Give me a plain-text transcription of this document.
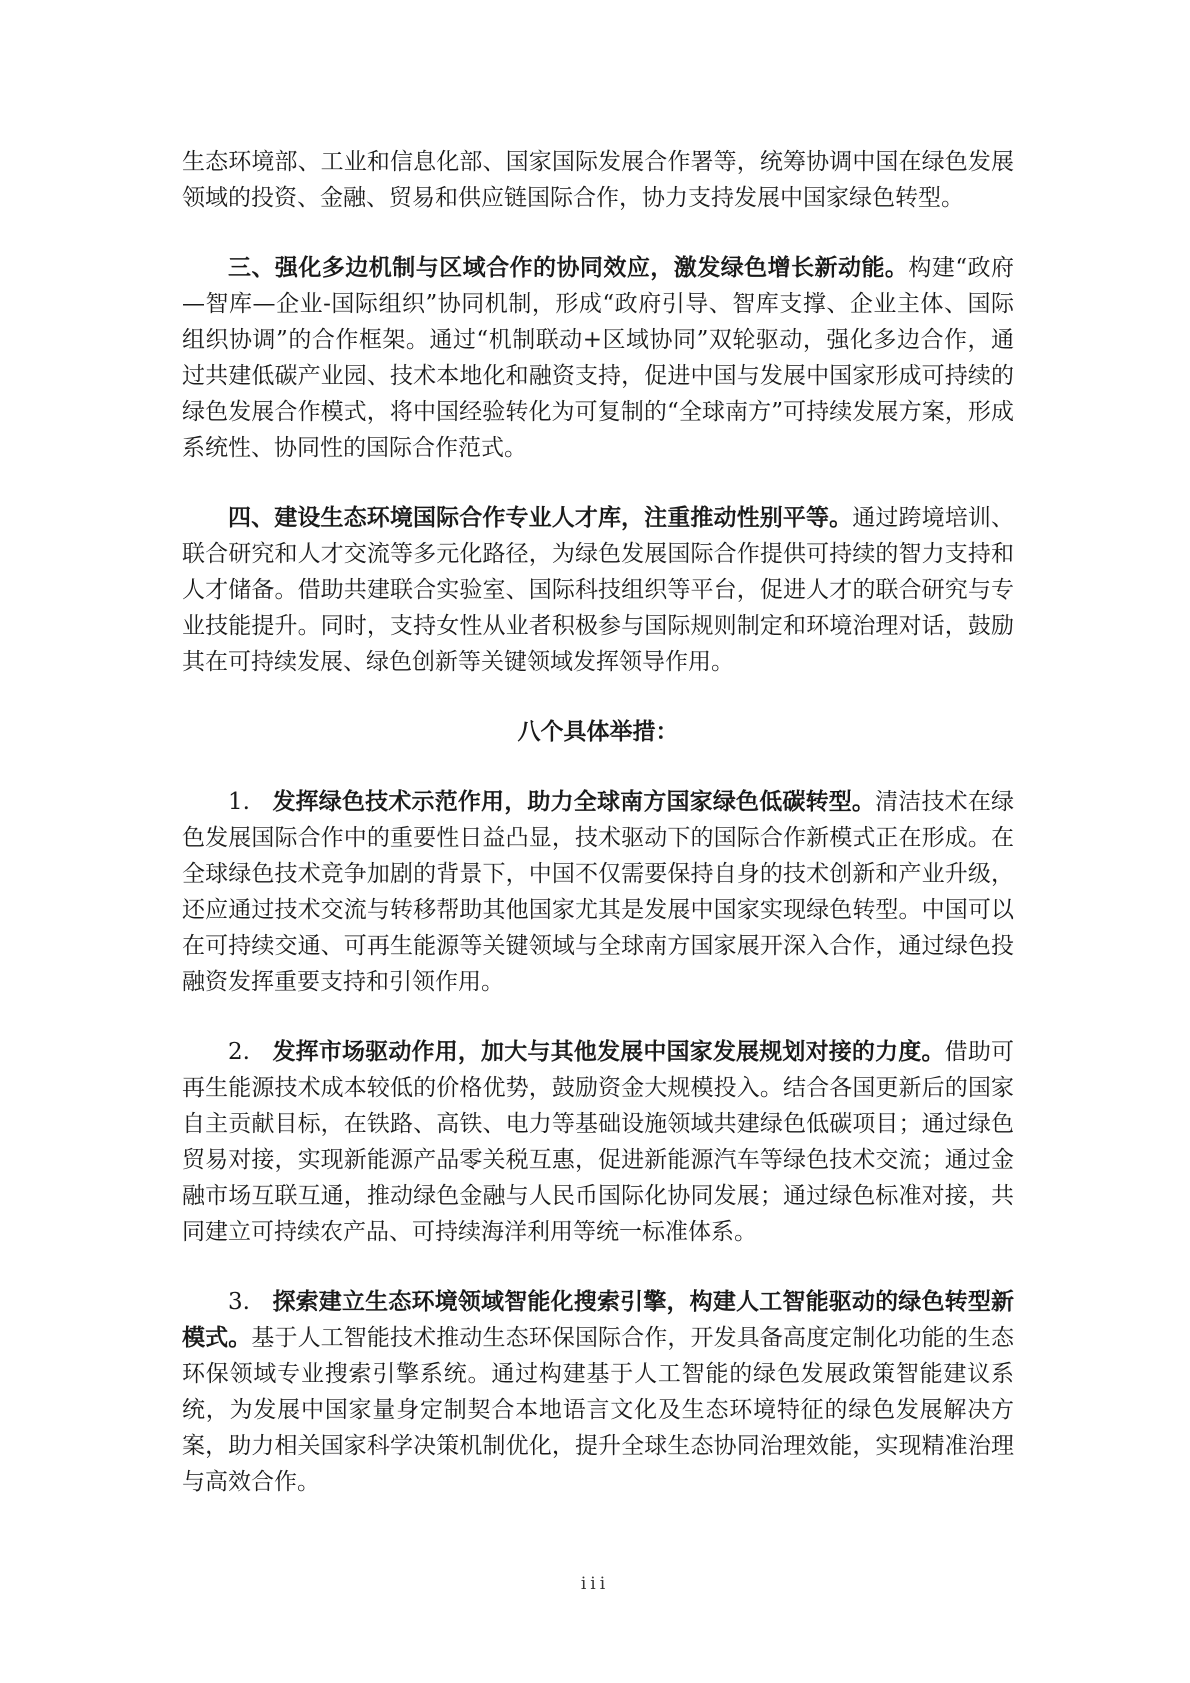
生态环境部、工业和信息化部、国家国际发展合作署等，统筹协调中国在绿色发展领域的投资、金融、贸易和供应链国际合作，协力支持发展中国家绿色转型。

三、强化多边机制与区域合作的协同效应，激发绿色增长新动能。构建“政府—智库—企业-国际组织”协同机制，形成“政府引导、智库支撑、企业主体、国际组织协调”的合作框架。通过“机制联动+区域协同”双轮驱动，强化多边合作，通过共建低碳产业园、技术本地化和融资支持，促进中国与发展中国家形成可持续的绿色发展合作模式，将中国经验转化为可复制的“全球南方”可持续发展方案，形成系统性、协同性的国际合作范式。

四、建设生态环境国际合作专业人才库，注重推动性别平等。通过跨境培训、联合研究和人才交流等多元化路径，为绿色发展国际合作提供可持续的智力支持和人才储备。借助共建联合实验室、国际科技组织等平台，促进人才的联合研究与专业技能提升。同时，支持女性从业者积极参与国际规则制定和环境治理对话，鼓励其在可持续发展、绿色创新等关键领域发挥领导作用。

八个具体举措：

1. 发挥绿色技术示范作用，助力全球南方国家绿色低碳转型。清洁技术在绿色发展国际合作中的重要性日益凸显，技术驱动下的国际合作新模式正在形成。在全球绿色技术竞争加剧的背景下，中国不仅需要保持自身的技术创新和产业升级，还应通过技术交流与转移帮助其他国家尤其是发展中国家实现绿色转型。中国可以在可持续交通、可再生能源等关键领域与全球南方国家展开深入合作，通过绿色投融资发挥重要支持和引领作用。

2. 发挥市场驱动作用，加大与其他发展中国家发展规划对接的力度。借助可再生能源技术成本较低的价格优势，鼓励资金大规模投入。结合各国更新后的国家自主贡献目标，在铁路、高铁、电力等基础设施领域共建绿色低碳项目；通过绿色贸易对接，实现新能源产品零关税互惠，促进新能源汽车等绿色技术交流；通过金融市场互联互通，推动绿色金融与人民币国际化协同发展；通过绿色标准对接，共同建立可持续农产品、可持续海洋利用等统一标准体系。

3. 探索建立生态环境领域智能化搜索引擎，构建人工智能驱动的绿色转型新模式。基于人工智能技术推动生态环保国际合作，开发具备高度定制化功能的生态环保领域专业搜索引擎系统。通过构建基于人工智能的绿色发展政策智能建议系统，为发展中国家量身定制契合本地语言文化及生态环境特征的绿色发展解决方案，助力相关国家科学决策机制优化，提升全球生态协同治理效能，实现精准治理与高效合作。

iii
